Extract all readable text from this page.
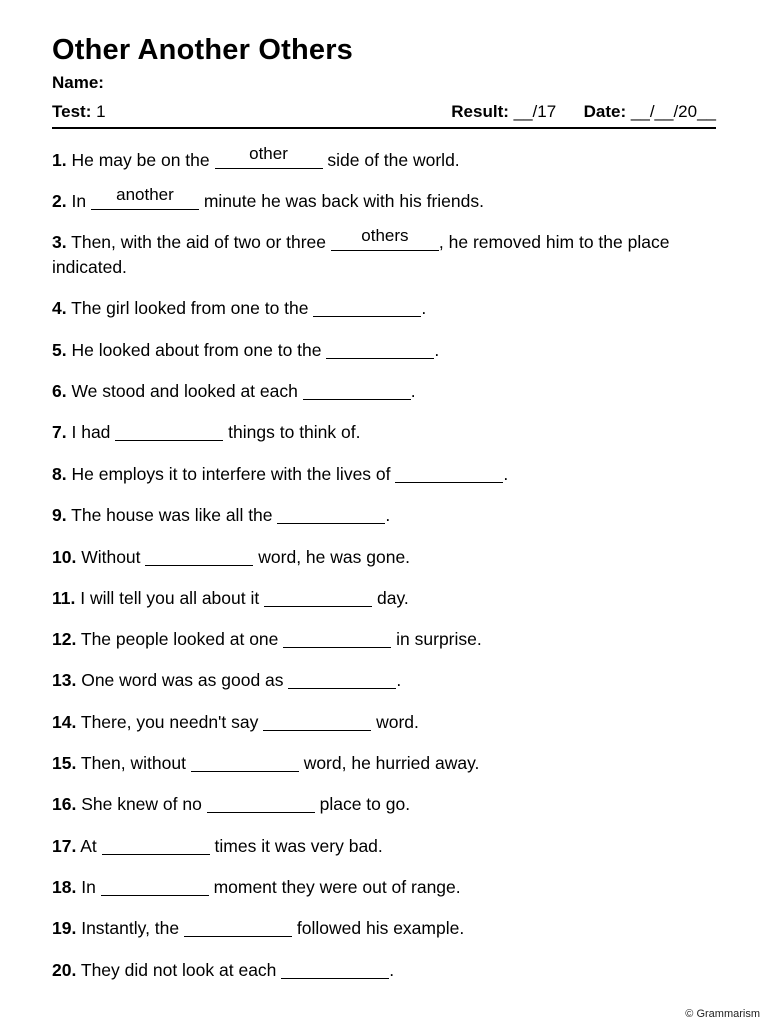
Other Another Others
Name:
Test: 1	Result: __/17 Date: __/__/20__
1. He may be on the	other	side of the world.
2. In	another	minute he was back with his friends.
3. Then, with the aid of two or three	others	, he removed him to the place indicated.
4. The girl looked from one to the	.
5. He looked about from one to the	.
6. We stood and looked at each	.
7. I had	things to think of.
8. He employs it to interfere with the lives of	.
9. The house was like all the	.
10. Without	word, he was gone.
11. I will tell you all about it	day.
12. The people looked at one	in surprise.
13. One word was as good as	.
14. There, you needn't say	word.
15. Then, without	word, he hurried away.
16. She knew of no	place to go.
17. At	times it was very bad.
18. In	moment they were out of range.
19. Instantly, the	followed his example.
20. They did not look at each	.
© Grammarism
